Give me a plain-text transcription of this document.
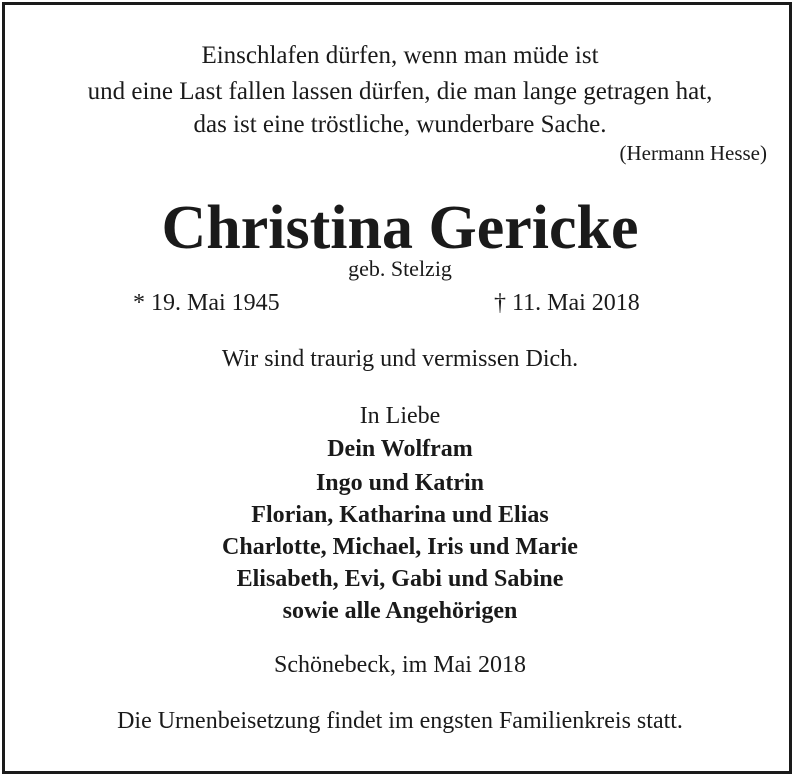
Einschlafen dürfen, wenn man müde ist
und eine Last fallen lassen dürfen, die man lange getragen hat,
das ist eine tröstliche, wunderbare Sache.
(Hermann Hesse)
Christina Gericke
geb. Stelzig
* 19. Mai 1945	† 11. Mai 2018
Wir sind traurig und vermissen Dich.
In Liebe
Dein Wolfram
Ingo und Katrin
Florian, Katharina und Elias
Charlotte, Michael, Iris und Marie
Elisabeth, Evi, Gabi und Sabine
sowie alle Angehörigen
Schönebeck, im Mai 2018
Die Urnenbeisetzung findet im engsten Familienkreis statt.
